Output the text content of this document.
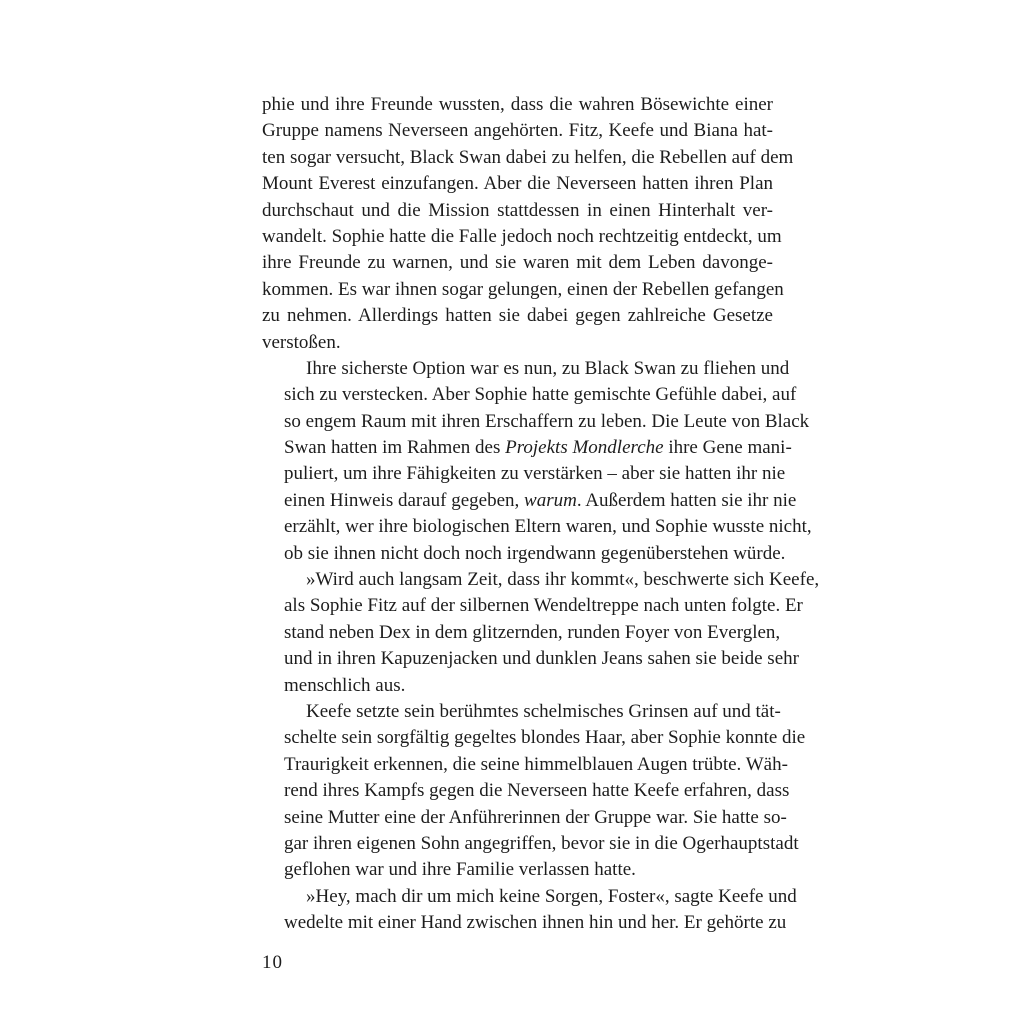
phie und ihre Freunde wussten, dass die wahren Bösewichte einer
Gruppe namens Neverseen angehörten. Fitz, Keefe und Biana hat-
ten sogar versucht, Black Swan dabei zu helfen, die Rebellen auf dem
Mount Everest einzufangen. Aber die Neverseen hatten ihren Plan
durchschaut und die Mission stattdessen in einen Hinterhalt ver-
wandelt. Sophie hatte die Falle jedoch noch rechtzeitig entdeckt, um
ihre Freunde zu warnen, und sie waren mit dem Leben davonge-
kommen. Es war ihnen sogar gelungen, einen der Rebellen gefangen
zu nehmen. Allerdings hatten sie dabei gegen zahlreiche Gesetze
verstoßen.
Ihre sicherste Option war es nun, zu Black Swan zu fliehen und
sich zu verstecken. Aber Sophie hatte gemischte Gefühle dabei, auf
so engem Raum mit ihren Erschaffern zu leben. Die Leute von Black
Swan hatten im Rahmen des Projekts Mondlerche ihre Gene mani-
puliert, um ihre Fähigkeiten zu verstärken – aber sie hatten ihr nie
einen Hinweis darauf gegeben, warum. Außerdem hatten sie ihr nie
erzählt, wer ihre biologischen Eltern waren, und Sophie wusste nicht,
ob sie ihnen nicht doch noch irgendwann gegenüberstehen würde.
»Wird auch langsam Zeit, dass ihr kommt«, beschwerte sich Keefe,
als Sophie Fitz auf der silbernen Wendeltreppe nach unten folgte. Er
stand neben Dex in dem glitzernden, runden Foyer von Everglen,
und in ihren Kapuzenjacken und dunklen Jeans sahen sie beide sehr
menschlich aus.
Keefe setzte sein berühmtes schelmisches Grinsen auf und tät-
schelte sein sorgfältig gegeltes blondes Haar, aber Sophie konnte die
Traurigkeit erkennen, die seine himmelblauen Augen trübte. Wäh-
rend ihres Kampfs gegen die Neverseen hatte Keefe erfahren, dass
seine Mutter eine der Anführerinnen der Gruppe war. Sie hatte so-
gar ihren eigenen Sohn angegriffen, bevor sie in die Ogerhauptstadt
geflohen war und ihre Familie verlassen hatte.
»Hey, mach dir um mich keine Sorgen, Foster«, sagte Keefe und
wedelte mit einer Hand zwischen ihnen hin und her. Er gehörte zu
10
